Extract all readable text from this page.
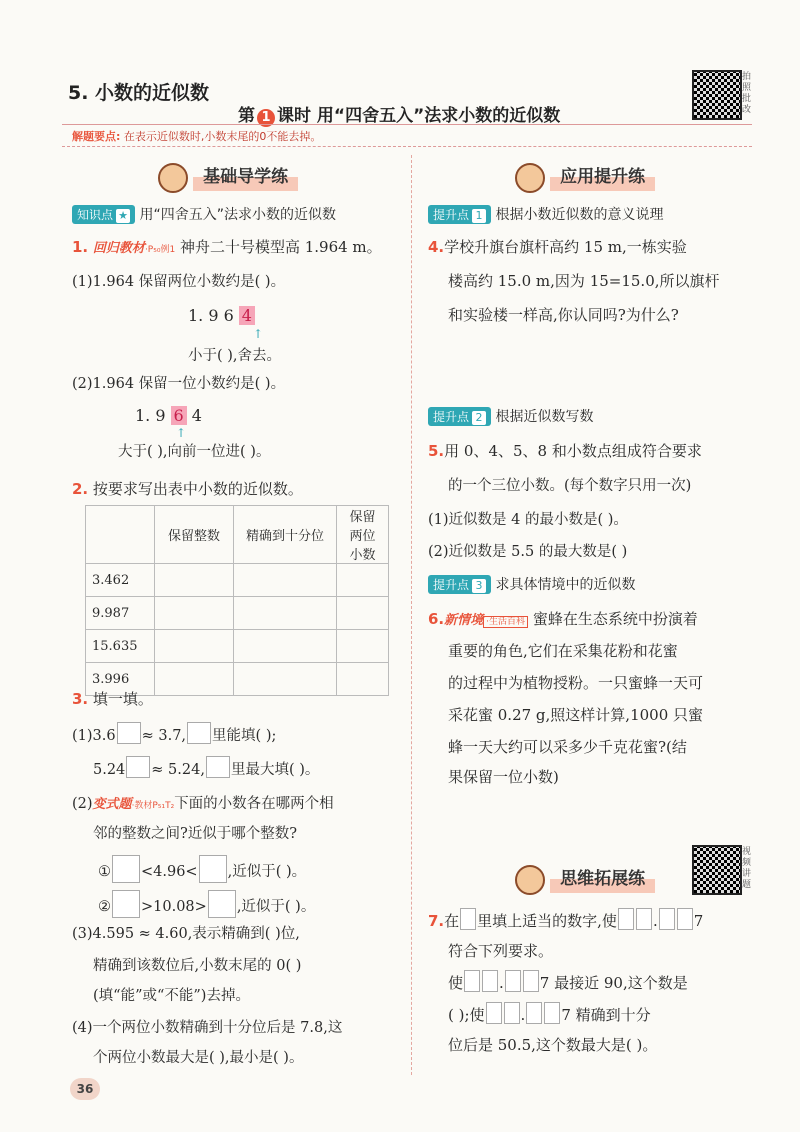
5. 小数的近似数
第 1 课时 用“四舍五入”法求小数的近似数
解题要点: 在表示近似数时,小数末尾的0不能去掉。
拍照批改
基础导学练
知识点 ★ 用“四舍五入”法求小数的近似数
1. 回归教材·P₅₀例1 神舟二十号模型高 1.964 m。
(1)1.964 保留两位小数约是( )。
1. 9 6 4
↑
小于( ),舍去。
(2)1.964 保留一位小数约是( )。
1. 9 6 4
↑
大于( ),向前一位进( )。
2. 按要求写出表中小数的近似数。
	保留整数	精确到十分位	保留两位小数
3.462			
9.987			
15.635			
3.996			
3. 填一填。
(1)3.6 ≈ 3.7, 里能填( );
5.24 ≈ 5.24, 里最大填( )。
(2)变式题·教材P₅₁T₂下面的小数各在哪两个相
邻的整数之间?近似于哪个整数?
① <4.96< ,近似于( )。
② >10.08> ,近似于( )。
(3)4.595 ≈ 4.60,表示精确到( )位,
精确到该数位后,小数末尾的 0( )
(填“能”或“不能”)去掉。
(4)一个两位小数精确到十分位后是 7.8,这
个两位小数最大是( ),最小是( )。
36
应用提升练
提升点 1 根据小数近似数的意义说理
4.学校升旗台旗杆高约 15 m,一栋实验
楼高约 15.0 m,因为 15=15.0,所以旗杆
和实验楼一样高,你认同吗?为什么?
提升点 2 根据近似数写数
5.用 0、4、5、8 和小数点组成符合要求
的一个三位小数。(每个数字只用一次)
(1)近似数是 4 的最小数是( )。
(2)近似数是 5.5 的最大数是( )
提升点 3 求具体情境中的近似数
6.新情境 ·生活百科 蜜蜂在生态系统中扮演着
重要的角色,它们在采集花粉和花蜜
的过程中为植物授粉。一只蜜蜂一天可
采花蜜 0.27 g,照这样计算,1000 只蜜
蜂一天大约可以采多少千克花蜜?(结
果保留一位小数)
思维拓展练
视频讲题
7.在 里填上适当的数字,使 . 7
符合下列要求。
使 . 7 最接近 90,这个数是
( );使 . 7 精确到十分
位后是 50.5,这个数最大是( )。
